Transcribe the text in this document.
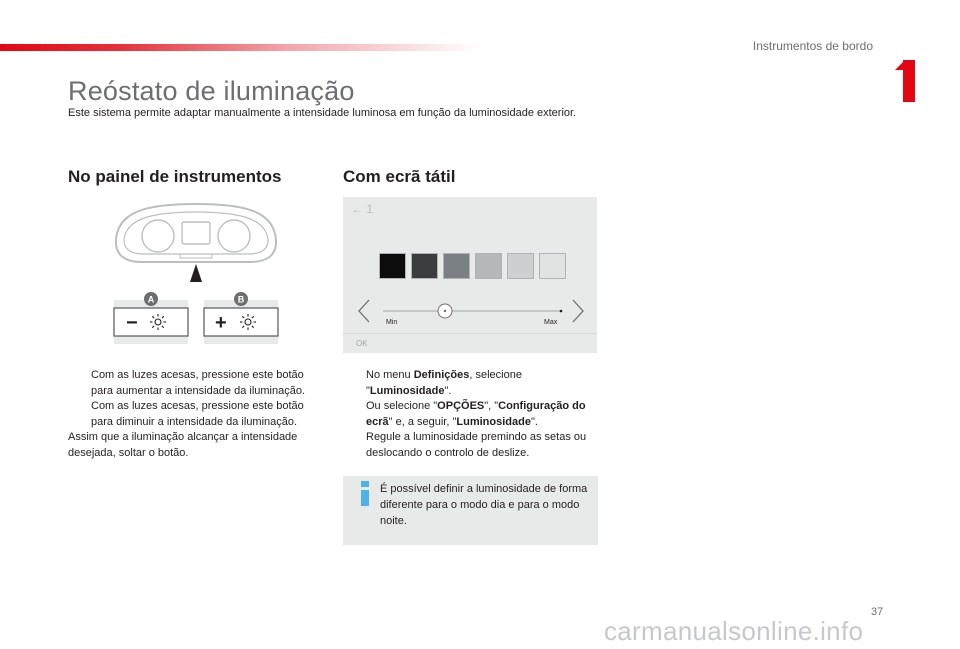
Instrumentos de bordo
Reóstato de iluminação

Este sistema permite adaptar manualmente a intensidade luminosa em função da luminosidade exterior.

No painel de instrumentos	Com ecrã tátil
−
A
+
B
← 1
Min	Max
OK

Com as luzes acesas, pressione este botão para aumentar a intensidade da iluminação.

Com as luzes acesas, pressione este botão para diminuir a intensidade da iluminação.

Assim que a iluminação alcançar a intensidade desejada, soltar o botão.

No menu Definições, selecione "Luminosidade".
Ou selecione "OPÇÕES", "Configuração do ecrã" e, a seguir, "Luminosidade".

Regule a luminosidade premindo as setas ou deslocando o controlo de deslize.

É possível definir a luminosidade de forma diferente para o modo dia e para o modo noite.

37
carmanualsonline.info
